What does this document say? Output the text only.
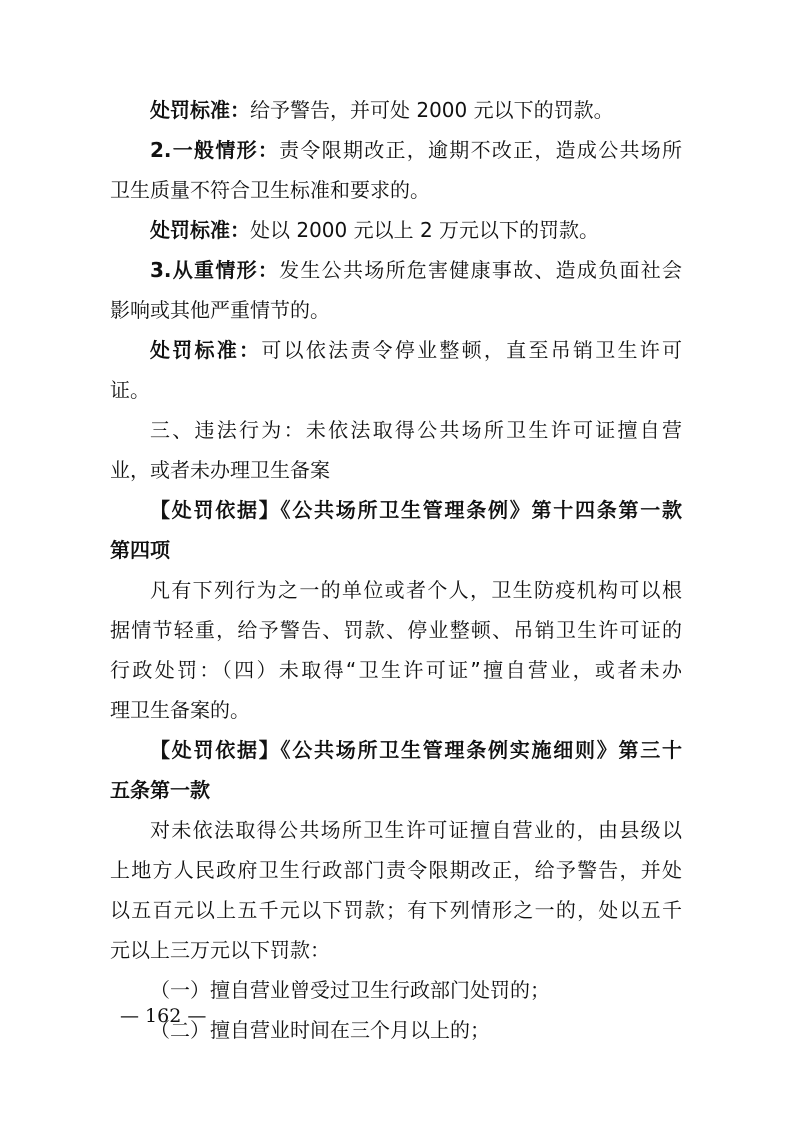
处罚标准：给予警告，并可处 2000 元以下的罚款。
2.一般情形：责令限期改正，逾期不改正，造成公共场所
卫生质量不符合卫生标准和要求的。
处罚标准：处以 2000 元以上 2 万元以下的罚款。
3.从重情形：发生公共场所危害健康事故、造成负面社会
影响或其他严重情节的。
处罚标准：可以依法责令停业整顿，直至吊销卫生许可
证。
三、违法行为：未依法取得公共场所卫生许可证擅自营
业，或者未办理卫生备案
【处罚依据】《公共场所卫生管理条例》第十四条第一款
第四项
凡有下列行为之一的单位或者个人，卫生防疫机构可以根
据情节轻重，给予警告、罚款、停业整顿、吊销卫生许可证的
行政处罚：（四）未取得“卫生许可证”擅自营业，或者未办
理卫生备案的。
【处罚依据】《公共场所卫生管理条例实施细则》第三十
五条第一款
对未依法取得公共场所卫生许可证擅自营业的，由县级以
上地方人民政府卫生行政部门责令限期改正，给予警告，并处
以五百元以上五千元以下罚款；有下列情形之一的，处以五千
元以上三万元以下罚款：
（一）擅自营业曾受过卫生行政部门处罚的；
（二）擅自营业时间在三个月以上的；
— 162 —
